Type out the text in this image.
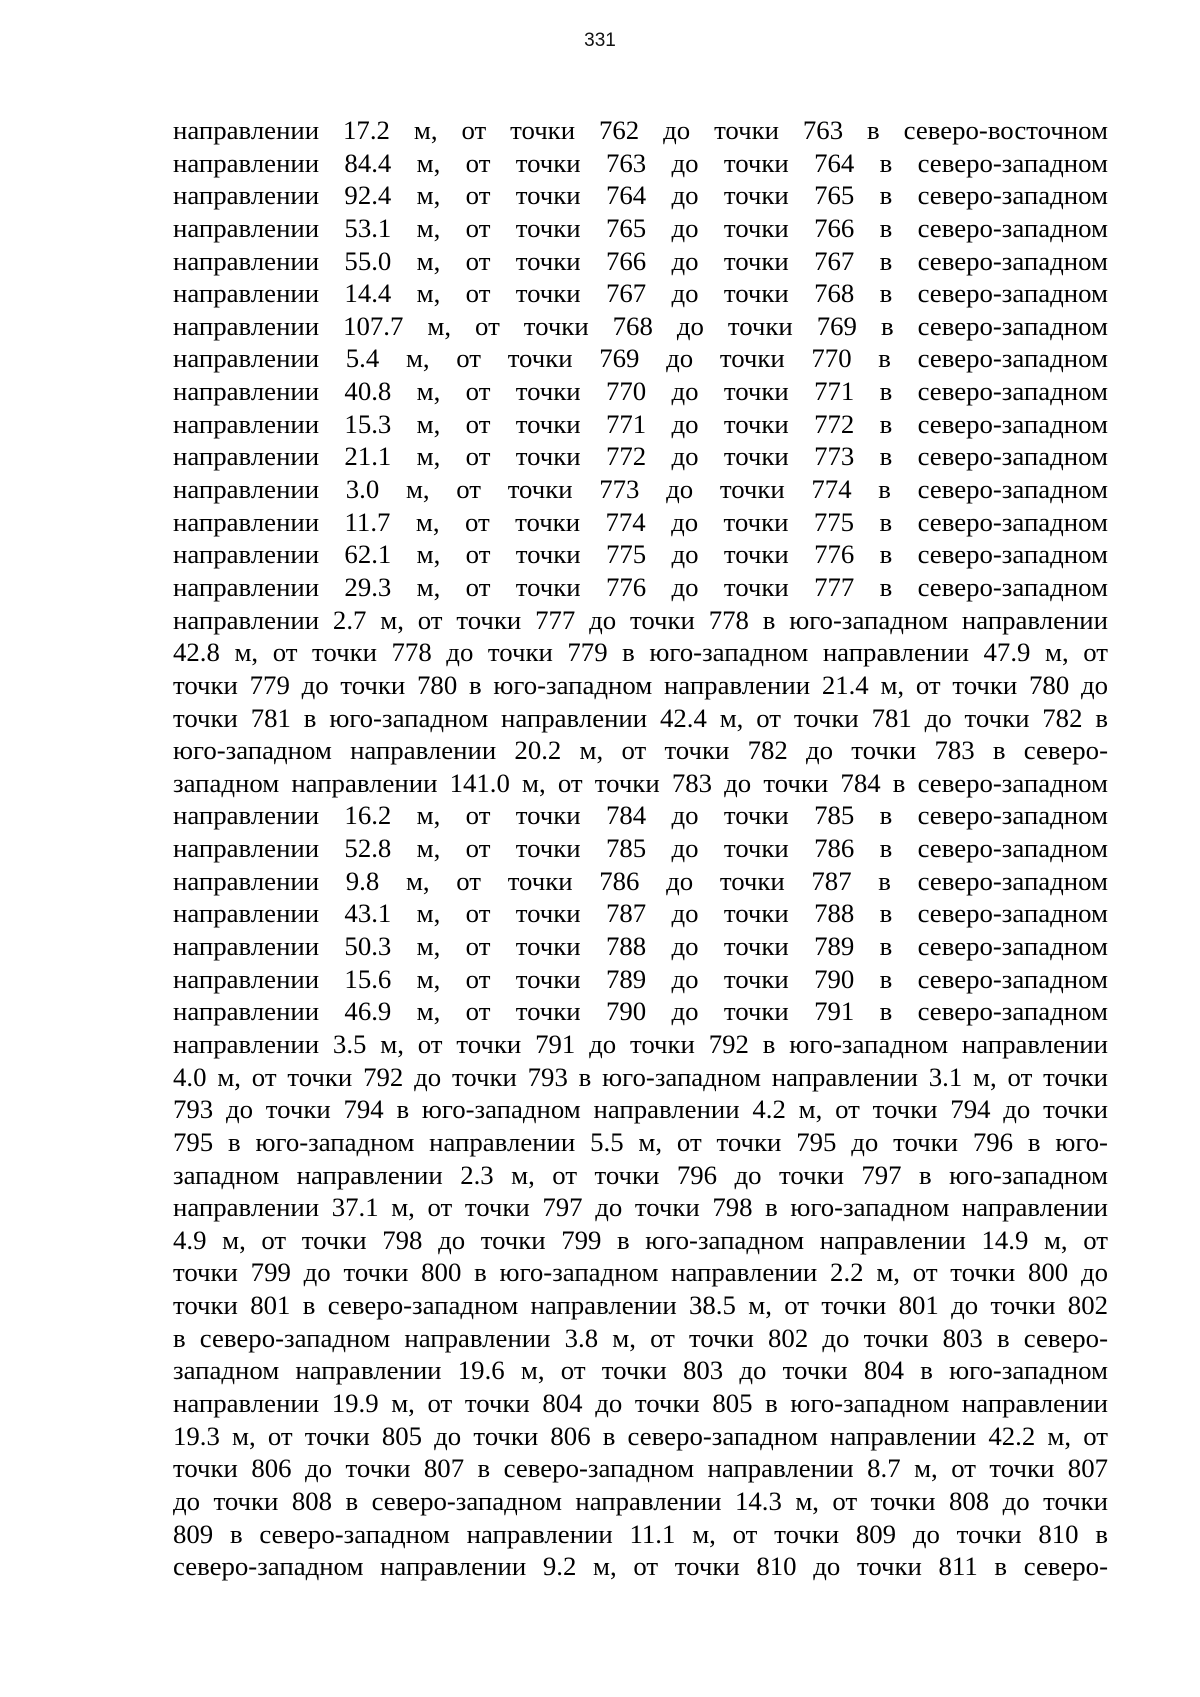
331
направлении 17.2 м, от точки 762 до точки 763 в северо-восточном
направлении 84.4 м, от точки 763 до точки 764 в северо-западном
направлении 92.4 м, от точки 764 до точки 765 в северо-западном
направлении 53.1 м, от точки 765 до точки 766 в северо-западном
направлении 55.0 м, от точки 766 до точки 767 в северо-западном
направлении 14.4 м, от точки 767 до точки 768 в северо-западном
направлении 107.7 м, от точки 768 до точки 769 в северо-западном
направлении 5.4 м, от точки 769 до точки 770 в северо-западном
направлении 40.8 м, от точки 770 до точки 771 в северо-западном
направлении 15.3 м, от точки 771 до точки 772 в северо-западном
направлении 21.1 м, от точки 772 до точки 773 в северо-западном
направлении 3.0 м, от точки 773 до точки 774 в северо-западном
направлении 11.7 м, от точки 774 до точки 775 в северо-западном
направлении 62.1 м, от точки 775 до точки 776 в северо-западном
направлении 29.3 м, от точки 776 до точки 777 в северо-западном
направлении 2.7 м, от точки 777 до точки 778 в юго-западном направлении
42.8 м, от точки 778 до точки 779 в юго-западном направлении 47.9 м, от
точки 779 до точки 780 в юго-западном направлении 21.4 м, от точки 780 до
точки 781 в юго-западном направлении 42.4 м, от точки 781 до точки 782 в
юго-западном направлении 20.2 м, от точки 782 до точки 783 в северо-
западном направлении 141.0 м, от точки 783 до точки 784 в северо-западном
направлении 16.2 м, от точки 784 до точки 785 в северо-западном
направлении 52.8 м, от точки 785 до точки 786 в северо-западном
направлении 9.8 м, от точки 786 до точки 787 в северо-западном
направлении 43.1 м, от точки 787 до точки 788 в северо-западном
направлении 50.3 м, от точки 788 до точки 789 в северо-западном
направлении 15.6 м, от точки 789 до точки 790 в северо-западном
направлении 46.9 м, от точки 790 до точки 791 в северо-западном
направлении 3.5 м, от точки 791 до точки 792 в юго-западном направлении
4.0 м, от точки 792 до точки 793 в юго-западном направлении 3.1 м, от точки
793 до точки 794 в юго-западном направлении 4.2 м, от точки 794 до точки
795 в юго-западном направлении 5.5 м, от точки 795 до точки 796 в юго-
западном направлении 2.3 м, от точки 796 до точки 797 в юго-западном
направлении 37.1 м, от точки 797 до точки 798 в юго-западном направлении
4.9 м, от точки 798 до точки 799 в юго-западном направлении 14.9 м, от
точки 799 до точки 800 в юго-западном направлении 2.2 м, от точки 800 до
точки 801 в северо-западном направлении 38.5 м, от точки 801 до точки 802
в северо-западном направлении 3.8 м, от точки 802 до точки 803 в северо-
западном направлении 19.6 м, от точки 803 до точки 804 в юго-западном
направлении 19.9 м, от точки 804 до точки 805 в юго-западном направлении
19.3 м, от точки 805 до точки 806 в северо-западном направлении 42.2 м, от
точки 806 до точки 807 в северо-западном направлении 8.7 м, от точки 807
до точки 808 в северо-западном направлении 14.3 м, от точки 808 до точки
809 в северо-западном направлении 11.1 м, от точки 809 до точки 810 в
северо-западном направлении 9.2 м, от точки 810 до точки 811 в северо-
